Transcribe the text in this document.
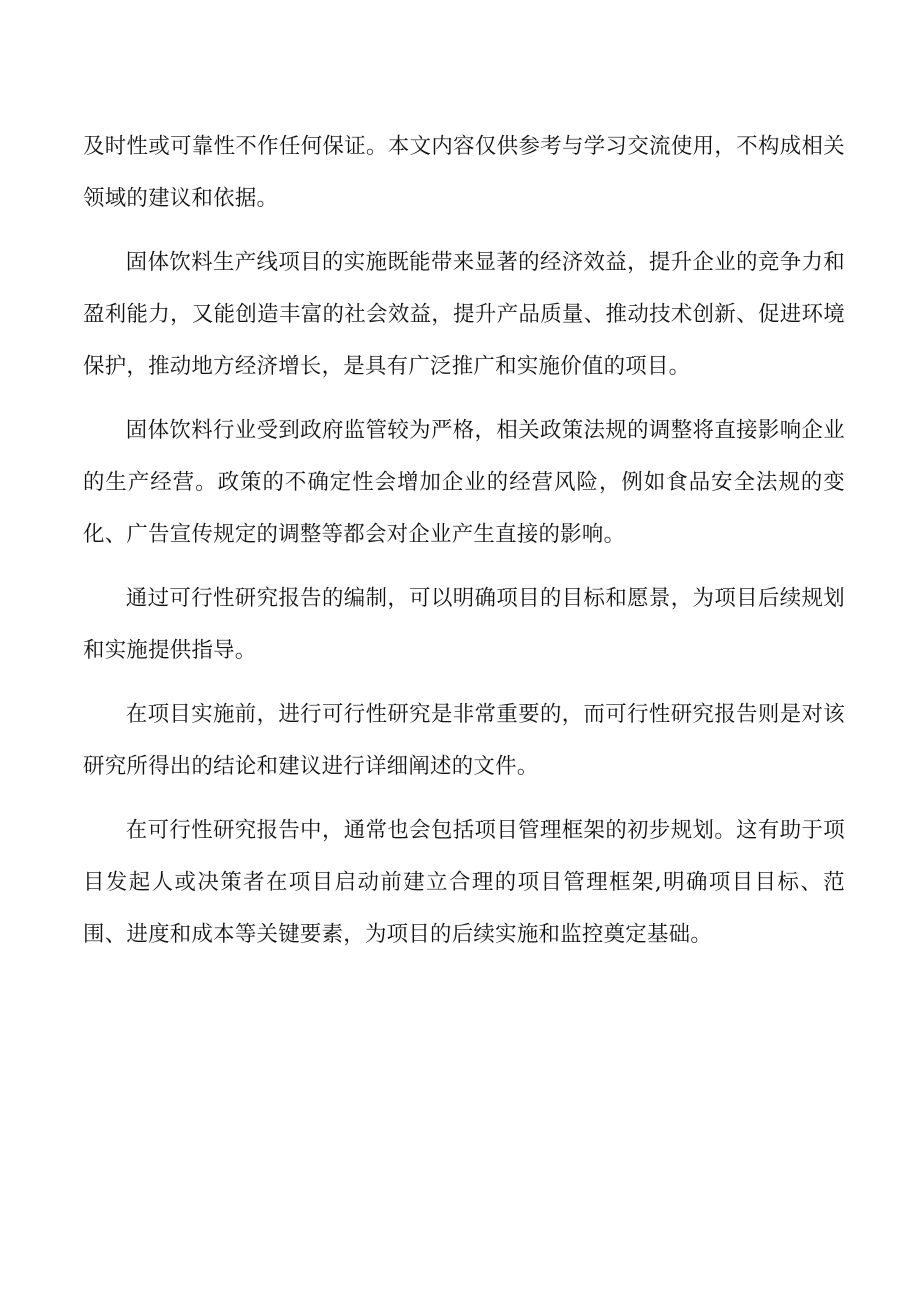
及时性或可靠性不作任何保证。本文内容仅供参考与学习交流使用，不构成相关领域的建议和依据。

固体饮料生产线项目的实施既能带来显著的经济效益，提升企业的竞争力和盈利能力，又能创造丰富的社会效益，提升产品质量、推动技术创新、促进环境保护，推动地方经济增长，是具有广泛推广和实施价值的项目。

固体饮料行业受到政府监管较为严格，相关政策法规的调整将直接影响企业的生产经营。政策的不确定性会增加企业的经营风险，例如食品安全法规的变化、广告宣传规定的调整等都会对企业产生直接的影响。

通过可行性研究报告的编制，可以明确项目的目标和愿景，为项目后续规划和实施提供指导。

在项目实施前，进行可行性研究是非常重要的，而可行性研究报告则是对该研究所得出的结论和建议进行详细阐述的文件。

在可行性研究报告中，通常也会包括项目管理框架的初步规划。这有助于项目发起人或决策者在项目启动前建立合理的项目管理框架,明确项目目标、范围、进度和成本等关键要素，为项目的后续实施和监控奠定基础。
